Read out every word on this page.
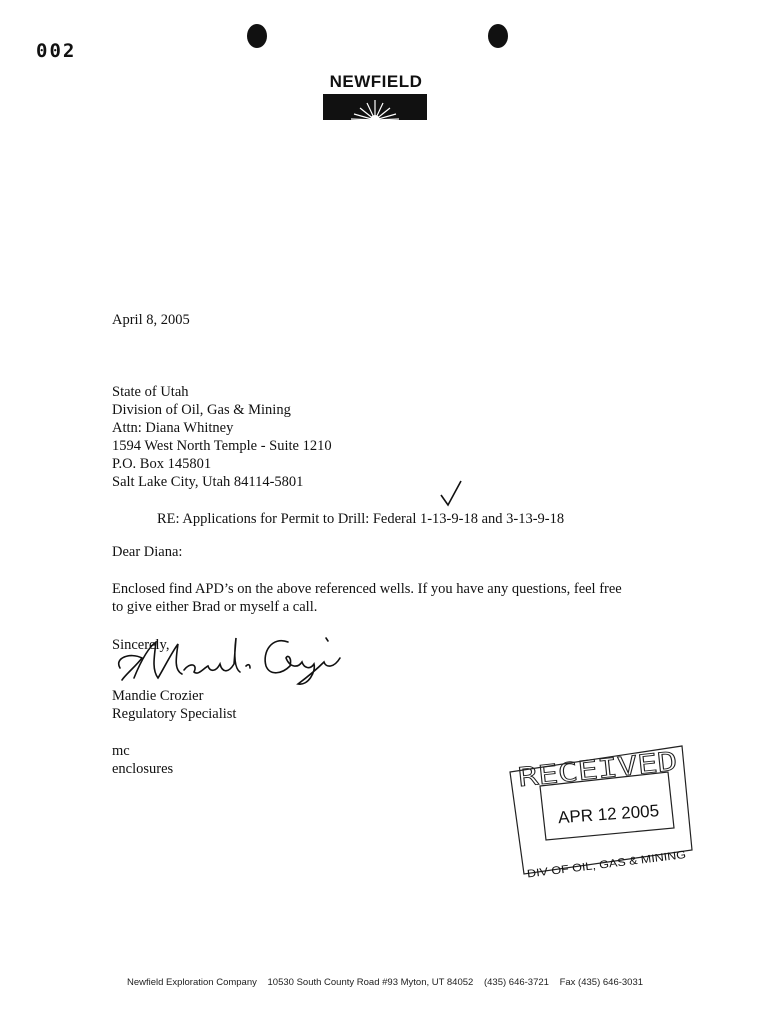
002
NEWFIELD
April 8, 2005
State of Utah
Division of Oil, Gas & Mining
Attn: Diana Whitney
1594 West North Temple - Suite 1210
P.O. Box 145801
Salt Lake City, Utah 84114-5801
RE: Applications for Permit to Drill: Federal 1-13-9-18 and 3-13-9-18
Dear Diana:
Enclosed find APD’s on the above referenced wells. If you have any questions, feel free
to give either Brad or myself a call.
Sincerely,
Mandie Crozier
Regulatory Specialist
mc
enclosures	RECEIVED
APR 12 2005
DIV OF OIL, GAS & MINING
Newfield Exploration Company 10530 South County Road #93 Myton, UT 84052 (435) 646-3721 Fax (435) 646-3031
